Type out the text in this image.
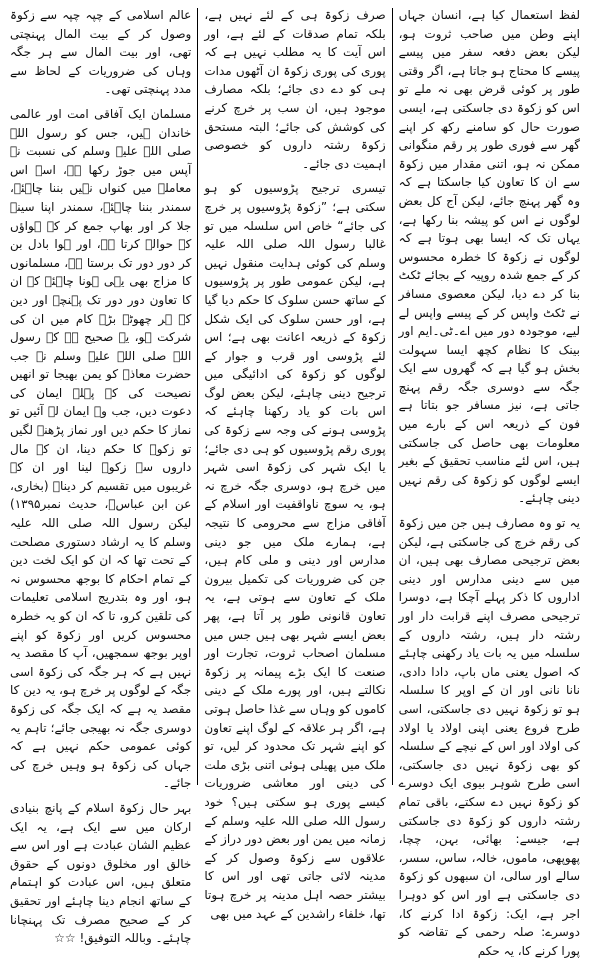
لفظ استعمال کیا ہے، انسان جہاں اپنے وطن میں صاحب ثروت ہو، لیکن بعض دفعہ سفر میں پیسے پیسے کا محتاج ہو جاتا ہے، اگر وقتی طور پر کوئی قرض بھی نہ ملے تو اس کو زکوۃ دی جاسکتی ہے، ایسی صورت حال کو سامنے رکھ کر اپنے گھر سے فوری طور پر رقم منگوانی ممکن نہ ہو، اتنی مقدار میں زکوۃ سے ان کا تعاون کیا جاسکتا ہے کہ وہ گھر پہنچ جائے، لیکن آج کل بعض لوگوں نے اس کو پیشہ بنا رکھا ہے، یہاں تک کہ ایسا بھی ہوتا ہے کہ لوگوں نے زکوۃ کا خطرہ محسوس کر کے جمع شدہ روپیہ کے بجائے ٹکٹ بنا کر دے دیا، لیکن معصوی مسافر نے ٹکٹ واپس کر کے پیسے واپس لے لیے، موجودہ دور میں اے۔ٹی۔ایم اور بینک کا نظام کچھ ایسا سہولت بخش ہو گیا ہے کہ گھروں سے ایک جگہ سے دوسری جگہ رقم پہنچ جاتی ہے، نیز مسافر جو بتاتا ہے فون کے ذریعہ اس کے بارے میں معلومات بھی حاصل کی جاسکتی ہیں، اس لئے مناسب تحقیق کے بغیر ایسے لوگوں کو زکوۃ کی رقم نہیں دینی چاہئے۔

یہ تو وہ مصارف ہیں جن میں زکوۃ کی رقم خرچ کی جاسکتی ہے، لیکن بعض ترجیحی مصارف بھی ہیں، ان میں سے دینی مدارس اور دینی اداروں کا ذکر پہلے آچکا ہے، دوسرا ترجیحی مصرف اپنے قرابت دار اور رشتہ دار ہیں، رشتہ داروں کے سلسلہ میں یہ بات یاد رکھنی چاہئے کہ اصول یعنی ماں باپ، دادا دادی، نانا نانی اور ان کے اوپر کا سلسلہ ہو تو زکوۃ نہیں دی جاسکتی، اسی طرح فروع یعنی اپنی اولاد یا اولاد کی اولاد اور اس کے نیچے کے سلسلہ کو بھی زکوۃ نہیں دی جاسکتی، اسی طرح شوہر بیوی ایک دوسرے کو زکوۃ نہیں دے سکتے، باقی تمام رشتہ داروں کو زکوۃ دی جاسکتی ہے، جیسے: بھائی، بہن، چچا، پھوپھی، ماموں، خالہ، ساس، سسر، سالے اور سالی، ان سبھوں کو زکوۃ دی جاسکتی ہے اور اس کو دوہرا اجر ہے، ایک: زکوۃ ادا کرنے کا، دوسرے: صلہ رحمی کے تقاضہ کو پورا کرنے کا، یہ حکم

صرف زکوۃ ہی کے لئے نہیں ہے، بلکہ تمام صدقات کے لئے ہے، اور اس آیت کا یہ مطلب نہیں ہے کہ پوری کی پوری زکوۃ ان آٹھوں مدات ہی کو دے دی جائے؛ بلکہ مصارف موجود ہیں، ان سب پر خرچ کرنے کی کوشش کی جائے؛ البتہ مستحق زکوۃ رشتہ داروں کو خصوصی اہمیت دی جائے۔

تیسری ترجیح پڑوسیوں کو ہو سکتی ہے؛ ”زکوۃ پڑوسیوں پر خرچ کی جائے“ خاص اس سلسلہ میں تو غالبا رسول اللہ صلی اللہ علیہ وسلم کی کوئی ہدایت منقول نہیں ہے، لیکن عمومی طور پر پڑوسیوں کے ساتھ حسن سلوک کا حکم دیا گیا ہے، اور حسن سلوک کی ایک شکل زکوۃ کے ذریعہ اعانت بھی ہے؛ اس لئے پڑوسی اور قرب و جوار کے لوگوں کو زکوۃ کی ادائیگی میں ترجیح دینی چاہئے، لیکن بعض لوگ اس بات کو یاد رکھنا چاہئے کہ پڑوسی ہونے کی وجہ سے زکوۃ کی پوری رقم پڑوسیوں کو ہی دی جائے؛ یا ایک شہر کی زکوۃ اسی شہر میں خرچ ہو، دوسری جگہ خرچ نہ ہو، یہ سوچ ناواقفیت اور اسلام کے آفاقی مزاج سے محرومی کا نتیجہ ہے، ہمارے ملک میں جو دینی مدارس اور دینی و ملی کام ہیں، جن کی ضروریات کی تکمیل بیرون ملک کے تعاون سے ہوتی ہے، یہ تعاون قانونی طور پر آتا ہے، پھر بعض ایسے شہر بھی ہیں جس میں مسلمان اصحاب ثروت، تجارت اور صنعت کا ایک بڑے پیمانہ پر زکوۃ نکالتے ہیں، اور پورے ملک کے دینی کاموں کو وہاں سے غذا حاصل ہوتی ہے، اگر ہر علاقہ کے لوگ اپنے تعاون کو اپنے شہر تک محدود کر لیں، تو ملک میں پھیلی ہوئی اتنی بڑی ملت کی دینی اور معاشی ضروریات کیسے پوری ہو سکتی ہیں؟ خود رسول اللہ صلی اللہ علیہ وسلم کے زمانہ میں یمن اور بعض دور دراز کے علاقوں سے زکوۃ وصول کر کے مدینہ لائی جاتی تھی اور اس کا بیشتر حصہ اہل مدینہ پر خرچ ہوتا تھا، خلفاء راشدین کے عہد میں بھی

عالم اسلامی کے چپہ چپہ سے زکوۃ وصول کر کے بیت المال پہنچتی تھی، اور بیت المال سے ہر جگہ وہاں کی ضروریات کے لحاظ سے مدد پہنچتی تھی۔

مسلمان ایک آفاقی امت اور عالمی خاندان ہیں، جس کو رسول اللہ صلی اللہ علیہ وسلم کی نسبت نے آپس میں جوڑ رکھا ہے، اسے اس معاملہ میں کنواں نہیں بننا چاہئے، سمندر بننا چاہئے، سمندر اپنا سینہ جلا کر اور بھاپ جمع کر کے ہواؤں کے حوالہ کرتا ہے، اور ہوا بادل بن کر دور دور تک برستا ہے، مسلمانوں کا مزاج بھی یہی ہونا چاہئے کہ ان کا تعاون دور دور تک پہنچے اور دین کے ہر چھوٹے بڑے کام میں ان کی شرکت ہو، یہ صحیح ہے کہ رسول اللہ صلی اللہ علیہ وسلم نے جب حضرت معاذؓ کو یمن بھیجا تو انھیں نصیحت کی کہ پہلے ایمان کی دعوت دیں، جب وہ ایمان لے آئیں تو نماز کا حکم دیں اور نماز پڑھنے لگیں تو زکوۃ کا حکم دینا، ان کے مال داروں سے زکوۃ لینا اور ان کے غریبوں میں تقسیم کر دینا۔ (بخاری، عن ابن عباسؓ، حدیث نمبر۱۳۹۵) لیکن رسول اللہ صلی اللہ علیہ وسلم کا یہ ارشاد دستوری مصلحت کے تحت تھا کہ ان کو ایک لخت دین کے تمام احکام کا بوجھ محسوس نہ ہو، اور وہ بتدریج اسلامی تعلیمات کی تلقین کرو، تا کہ ان کو یہ خطرہ محسوس کریں اور زکوۃ کو اپنے اوپر بوجھ سمجھیں، آپ کا مقصد یہ نہیں ہے کہ ہر جگہ کی زکوۃ اسی جگہ کے لوگوں پر خرچ ہو، یہ دین کا مقصد یہ ہے کہ ایک جگہ کی زکوۃ دوسری جگہ نہ بھیجی جائے؛ تاہم یہ کوئی عمومی حکم نہیں ہے کہ جہاں کی زکوۃ ہو وہیں خرچ کی جائے۔

بہر حال زکوۃ اسلام کے پانچ بنیادی ارکان میں سے ایک ہے، یہ ایک عظیم الشان عبادت ہے اور اس سے خالق اور مخلوق دونوں کے حقوق متعلق ہیں، اس عبادت کو اہتمام کے ساتھ انجام دینا چاہئے اور تحقیق کر کے صحیح مصرف تک پہنچانا چاہئے۔ وباللہ التوفیق! ☆☆
